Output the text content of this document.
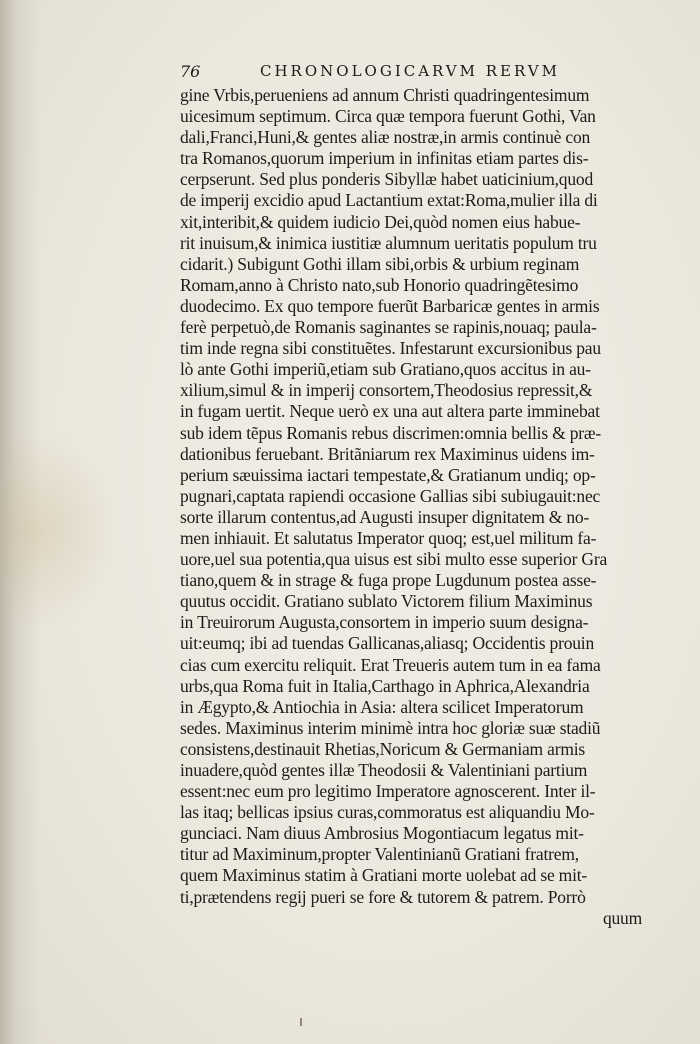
76	CHRONOLOGICARVM RERVM
gine Vrbis,perueniens ad annum Christi quadringentesimum
uicesimum septimum. Circa quæ tempora fuerunt Gothi, Van
dali,Franci,Huni,& gentes aliæ nostræ,in armis continuè con
tra Romanos,quorum imperium in infinitas etiam partes dis-
cerpserunt. Sed plus ponderis Sibyllæ habet uaticinium,quod
de imperij excidio apud Lactantium extat:Roma,mulier illa di
xit,interibit,& quidem iudicio Dei,quòd nomen eius habue-
rit inuisum,& inimica iustitiæ alumnum ueritatis populum tru
cidarit.) Subigunt Gothi illam sibi,orbis & urbium reginam
Romam,anno à Christo nato,sub Honorio quadringẽtesimo
duodecimo. Ex quo tempore fuerũt Barbaricæ gentes in armis
ferè perpetuò,de Romanis saginantes se rapinis,nouaq; paula-
tim inde regna sibi constituẽtes. Infestarunt excursionibus pau
lò ante Gothi imperiũ,etiam sub Gratiano,quos accitus in au-
xilium,simul & in imperij consortem,Theodosius repressit,&
in fugam uertit. Neque uerò ex una aut altera parte imminebat
sub idem tẽpus Romanis rebus discrimen:omnia bellis & præ-
dationibus feruebant. Britãniarum rex Maximinus uidens im-
perium sæuissima iactari tempestate,& Gratianum undiq; op-
pugnari,captata rapiendi occasione Gallias sibi subiugauit:nec
sorte illarum contentus,ad Augusti insuper dignitatem & no-
men inhiauit. Et salutatus Imperator quoq; est,uel militum fa-
uore,uel sua potentia,qua uisus est sibi multo esse superior Gra
tiano,quem & in strage & fuga prope Lugdunum postea asse-
quutus occidit. Gratiano sublato Victorem filium Maximinus
in Treuirorum Augusta,consortem in imperio suum designa-
uit:eumq; ibi ad tuendas Gallicanas,aliasq; Occidentis prouin
cias cum exercitu reliquit. Erat Treueris autem tum in ea fama
urbs,qua Roma fuit in Italia,Carthago in Aphrica,Alexandria
in Ægypto,& Antiochia in Asia: altera scilicet Imperatorum
sedes. Maximinus interim minimè intra hoc gloriæ suæ stadiũ
consistens,destinauit Rhetias,Noricum & Germaniam armis
inuadere,quòd gentes illæ Theodosii & Valentiniani partium
essent:nec eum pro legitimo Imperatore agnoscerent. Inter il-
las itaq; bellicas ipsius curas,commoratus est aliquandiu Mo-
gunciaci. Nam diuus Ambrosius Mogontiacum legatus mit-
titur ad Maximinum,propter Valentinianũ Gratiani fratrem,
quem Maximinus statim à Gratiani morte uolebat ad se mit-
ti,prætendens regij pueri se fore & tutorem & patrem. Porrò
quum
